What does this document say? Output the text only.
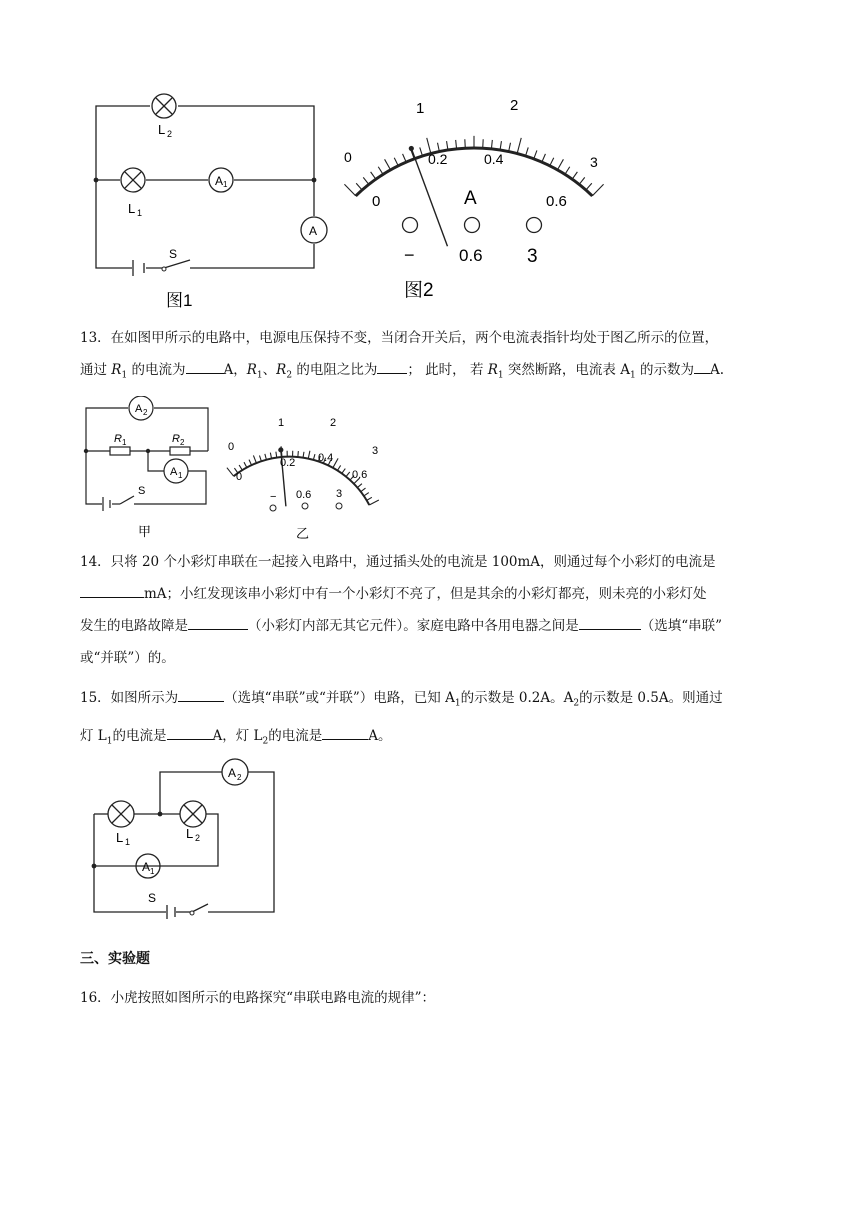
L 2
L 1
A 1
A
S
图1
0
1	2
3
0
0.2	0.4
0.6
A
−	0.6 3
图2
13．在如图甲所示的电路中，电源电压保持不变，当闭合开关后，两个电流表指针均处于图乙所示的位置，
通过 $R_1$ 的电流为	A，$R_1$、$R_2$ 的电阻之比为 ； 此时， 若 $R_1$ 突然断路，电流表 $A_1$ 的示数为 A.
A 2
R 1	R 2
A 1
S
甲
0
1	2
3
0
0.2 0.4
0.6
− 0.6 3
乙
14．只将 20 个小彩灯串联在一起接入电路中，通过插头处的电流是 100mA，则通过每个小彩灯的电流是
mA；小红发现该串小彩灯中有一个小彩灯不亮了，但是其余的小彩灯都亮，则未亮的小彩灯处
发生的电路故障是	（小彩灯内部无其它元件）。家庭电路中各用电器之间是	（选填“串联”
或“并联”）的。
15．如图所示为	（选填“串联”或“并联”）电路，已知 $A_1$的示数是 0.2A。$A_2$的示数是 0.5A。则通过
灯 $L_1$的电流是	A，灯 $L_2$的电流是	A。
A 2
L 1
L 2
A 1
S
三、实验题
16．小虎按照如图所示的电路探究“串联电路电流的规律”：
